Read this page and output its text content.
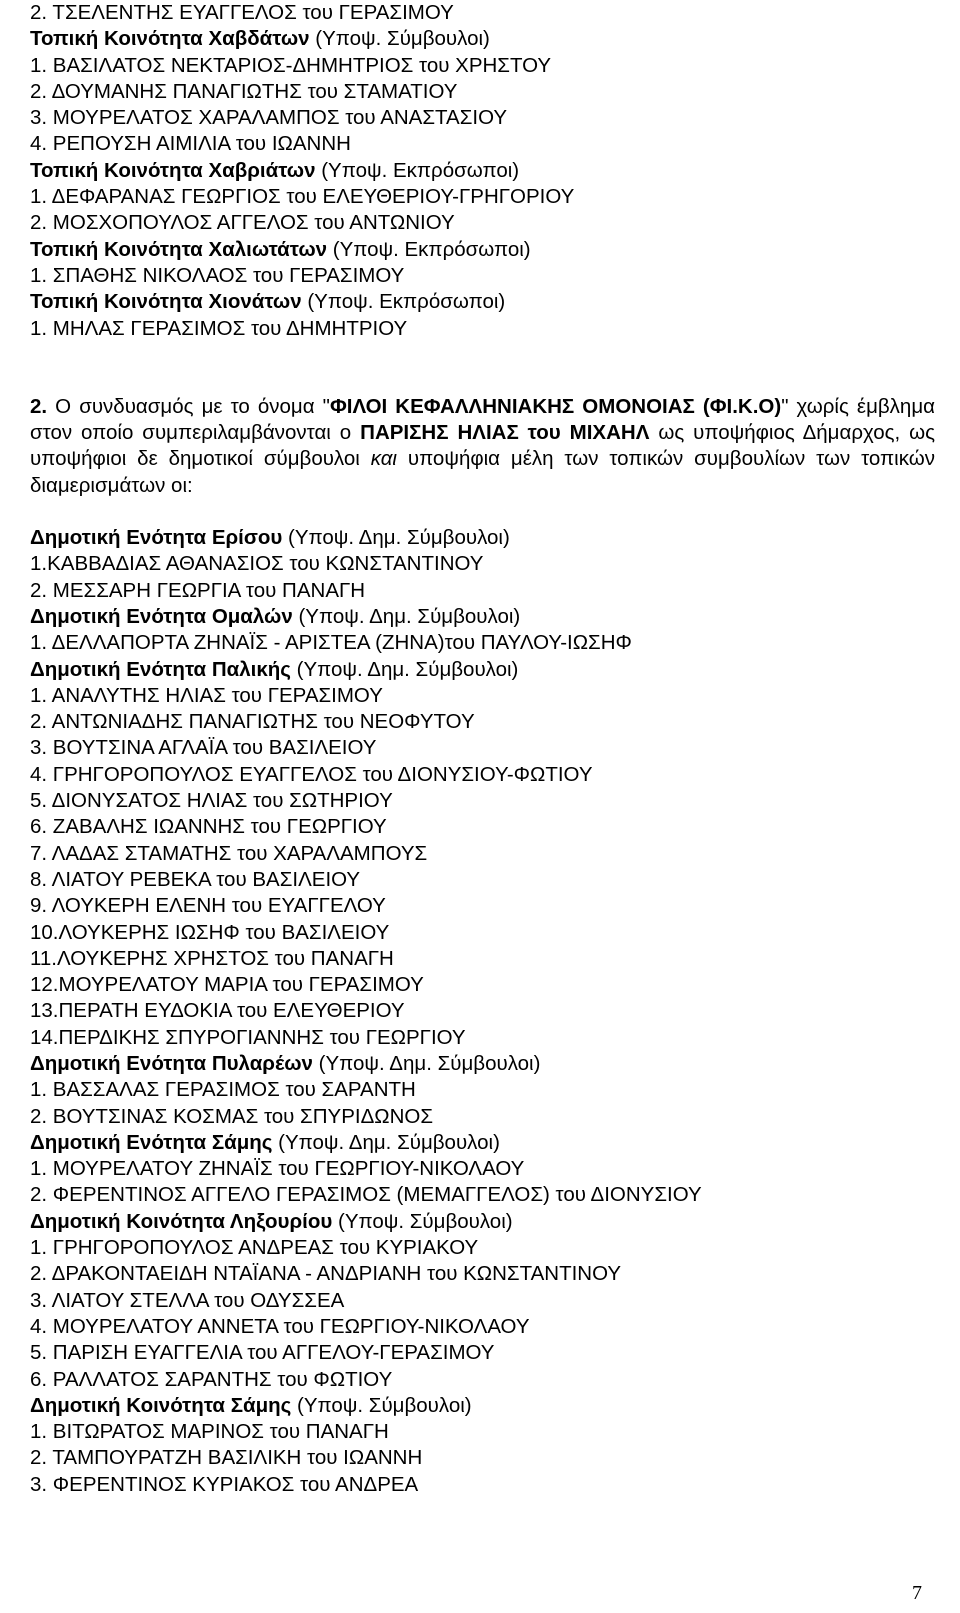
2. ΤΣΕΛΕΝΤΗΣ ΕΥΑΓΓΕΛΟΣ του ΓΕΡΑΣΙΜΟΥ
Τοπική Κοινότητα Χαβδάτων (Υποψ. Σύμβουλοι)
1. ΒΑΣΙΛΑΤΟΣ ΝΕΚΤΑΡΙΟΣ-ΔΗΜΗΤΡΙΟΣ του ΧΡΗΣΤΟΥ
2. ΔΟΥΜΑΝΗΣ ΠΑΝΑΓΙΩΤΗΣ του ΣΤΑΜΑΤΙΟΥ
3. ΜΟΥΡΕΛΑΤΟΣ ΧΑΡΑΛΑΜΠΟΣ του ΑΝΑΣΤΑΣΙΟΥ
4. ΡΕΠΟΥΣΗ ΑΙΜΙΛΙΑ του ΙΩΑΝΝΗ
Τοπική Κοινότητα Χαβριάτων (Υποψ. Εκπρόσωποι)
1. ΔΕΦΑΡΑΝΑΣ ΓΕΩΡΓΙΟΣ του ΕΛΕΥΘΕΡΙΟΥ-ΓΡΗΓΟΡΙΟΥ
2. ΜΟΣΧΟΠΟΥΛΟΣ ΑΓΓΕΛΟΣ του ΑΝΤΩΝΙΟΥ
Τοπική Κοινότητα Χαλιωτάτων (Υποψ. Εκπρόσωποι)
1. ΣΠΑΘΗΣ ΝΙΚΟΛΑΟΣ του ΓΕΡΑΣΙΜΟΥ
Τοπική Κοινότητα Χιονάτων (Υποψ. Εκπρόσωποι)
1. ΜΗΛΑΣ ΓΕΡΑΣΙΜΟΣ του ΔΗΜΗΤΡΙΟΥ
2. Ο συνδυασμός με το όνομα "ΦΙΛΟΙ ΚΕΦΑΛΛΗΝΙΑΚΗΣ ΟΜΟΝΟΙΑΣ (ΦΙ.Κ.Ο)" χωρίς έμβλημα στον οποίο συμπεριλαμβάνονται ο ΠΑΡΙΣΗΣ ΗΛΙΑΣ του ΜΙΧΑΗΛ ως υποψήφιος Δήμαρχος, ως υποψήφιοι δε δημοτικοί σύμβουλοι και υποψήφια μέλη των τοπικών συμβουλίων των τοπικών διαμερισμάτων οι:
Δημοτική Ενότητα Ερίσου (Υποψ. Δημ. Σύμβουλοι)
1.ΚΑΒΒΑΔΙΑΣ ΑΘΑΝΑΣΙΟΣ του ΚΩΝΣΤΑΝΤΙΝΟΥ
2. ΜΕΣΣΑΡΗ ΓΕΩΡΓΙΑ του ΠΑΝΑΓΗ
Δημοτική Ενότητα Ομαλών (Υποψ. Δημ. Σύμβουλοι)
1. ΔΕΛΛΑΠΟΡΤΑ ΖΗΝΑΪΣ - ΑΡΙΣΤΕΑ (ΖΗΝΑ)του ΠΑΥΛΟΥ-ΙΩΣΗΦ
Δημοτική Ενότητα Παλικής (Υποψ. Δημ. Σύμβουλοι)
1. ΑΝΑΛΥΤΗΣ ΗΛΙΑΣ του ΓΕΡΑΣΙΜΟΥ
2. ΑΝΤΩΝΙΑΔΗΣ ΠΑΝΑΓΙΩΤΗΣ του ΝΕΟΦΥΤΟΥ
3. ΒΟΥΤΣΙΝΑ ΑΓΛΑΪΑ του ΒΑΣΙΛΕΙΟΥ
4. ΓΡΗΓΟΡΟΠΟΥΛΟΣ ΕΥΑΓΓΕΛΟΣ του ΔΙΟΝΥΣΙΟΥ-ΦΩΤΙΟΥ
5. ΔΙΟΝΥΣΑΤΟΣ ΗΛΙΑΣ του ΣΩΤΗΡΙΟΥ
6. ΖΑΒΑΛΗΣ ΙΩΑΝΝΗΣ του ΓΕΩΡΓΙΟΥ
7. ΛΑΔΑΣ ΣΤΑΜΑΤΗΣ του ΧΑΡΑΛΑΜΠΟΥΣ
8. ΛΙΑΤΟΥ ΡΕΒΕΚΑ του ΒΑΣΙΛΕΙΟΥ
9. ΛΟΥΚΕΡΗ ΕΛΕΝΗ του ΕΥΑΓΓΕΛΟΥ
10.ΛΟΥΚΕΡΗΣ ΙΩΣΗΦ του ΒΑΣΙΛΕΙΟΥ
11.ΛΟΥΚΕΡΗΣ ΧΡΗΣΤΟΣ του ΠΑΝΑΓΗ
12.ΜΟΥΡΕΛΑΤΟΥ ΜΑΡΙΑ του ΓΕΡΑΣΙΜΟΥ
13.ΠΕΡΑΤΗ ΕΥΔΟΚΙΑ του ΕΛΕΥΘΕΡΙΟΥ
14.ΠΕΡΔΙΚΗΣ ΣΠΥΡΟΓΙΑΝΝΗΣ του ΓΕΩΡΓΙΟΥ
Δημοτική Ενότητα Πυλαρέων (Υποψ. Δημ. Σύμβουλοι)
1. ΒΑΣΣΑΛΑΣ ΓΕΡΑΣΙΜΟΣ του ΣΑΡΑΝΤΗ
2. ΒΟΥΤΣΙΝΑΣ ΚΟΣΜΑΣ του ΣΠΥΡΙΔΩΝΟΣ
Δημοτική Ενότητα Σάμης (Υποψ. Δημ. Σύμβουλοι)
1. ΜΟΥΡΕΛΑΤΟΥ ΖΗΝΑΪΣ του ΓΕΩΡΓΙΟΥ-ΝΙΚΟΛΑΟΥ
2. ΦΕΡΕΝΤΙΝΟΣ ΑΓΓΕΛΟ ΓΕΡΑΣΙΜΟΣ (ΜΕΜΑΓΓΕΛΟΣ) του ΔΙΟΝΥΣΙΟΥ
Δημοτική Κοινότητα Ληξουρίου (Υποψ. Σύμβουλοι)
1. ΓΡΗΓΟΡΟΠΟΥΛΟΣ ΑΝΔΡΕΑΣ του ΚΥΡΙΑΚΟΥ
2. ΔΡΑΚΟΝΤΑΕΙΔΗ ΝΤΑΪΑΝΑ - ΑΝΔΡΙΑΝΗ του ΚΩΝΣΤΑΝΤΙΝΟΥ
3. ΛΙΑΤΟΥ ΣΤΕΛΛΑ του ΟΔΥΣΣΕΑ
4. ΜΟΥΡΕΛΑΤΟΥ ΑΝΝΕΤΑ του ΓΕΩΡΓΙΟΥ-ΝΙΚΟΛΑΟΥ
5. ΠΑΡΙΣΗ ΕΥΑΓΓΕΛΙΑ του ΑΓΓΕΛΟΥ-ΓΕΡΑΣΙΜΟΥ
6. ΡΑΛΛΑΤΟΣ ΣΑΡΑΝΤΗΣ του ΦΩΤΙΟΥ
Δημοτική Κοινότητα Σάμης (Υποψ. Σύμβουλοι)
1. ΒΙΤΩΡΑΤΟΣ ΜΑΡΙΝΟΣ του ΠΑΝΑΓΗ
2. ΤΑΜΠΟΥΡΑΤΖΗ ΒΑΣΙΛΙΚΗ του ΙΩΑΝΝΗ
3. ΦΕΡΕΝΤΙΝΟΣ ΚΥΡΙΑΚΟΣ του ΑΝΔΡΕΑ
7
